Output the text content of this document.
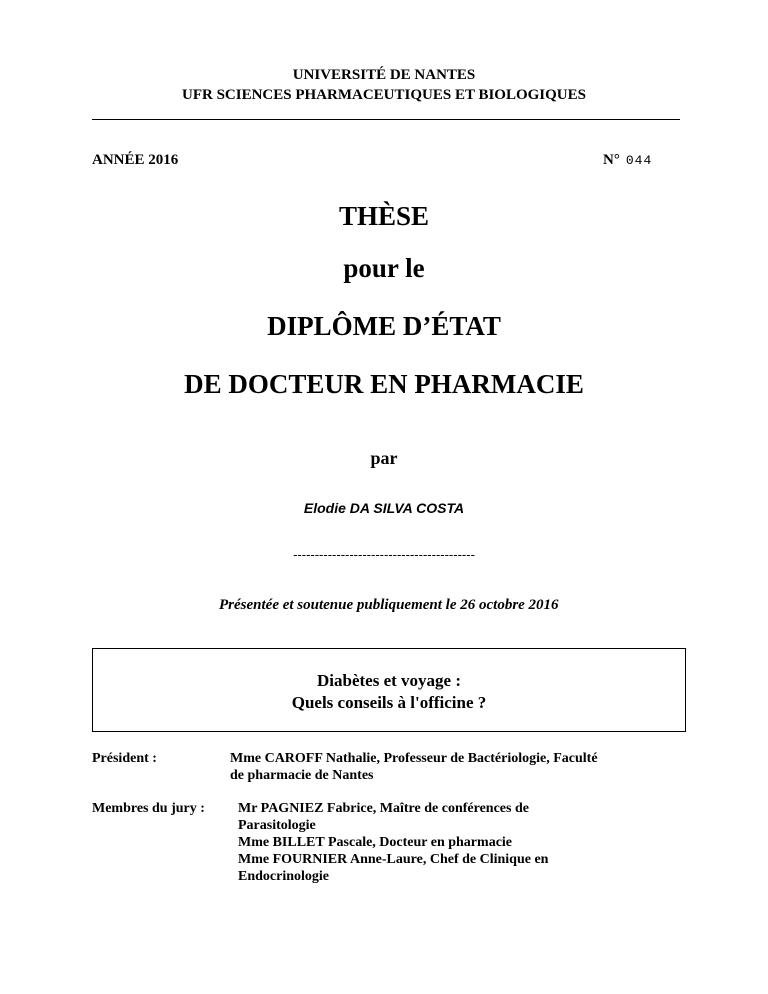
UNIVERSITÉ DE NANTES
UFR SCIENCES PHARMACEUTIQUES ET BIOLOGIQUES
ANNÉE 2016	N° 044
THÈSE
pour le
DIPLÔME D’ÉTAT
DE DOCTEUR EN PHARMACIE
par
Elodie DA SILVA COSTA
------------------------------------------
Présentée et soutenue publiquement le 26 octobre 2016
Diabètes et voyage :
Quels conseils à l'officine ?
Président :	Mme CAROFF Nathalie, Professeur de Bactériologie, Faculté
de pharmacie de Nantes
Membres du jury : Mr PAGNIEZ Fabrice, Maître de conférences de
Parasitologie
Mme BILLET Pascale, Docteur en pharmacie
Mme FOURNIER Anne-Laure, Chef de Clinique en
Endocrinologie
